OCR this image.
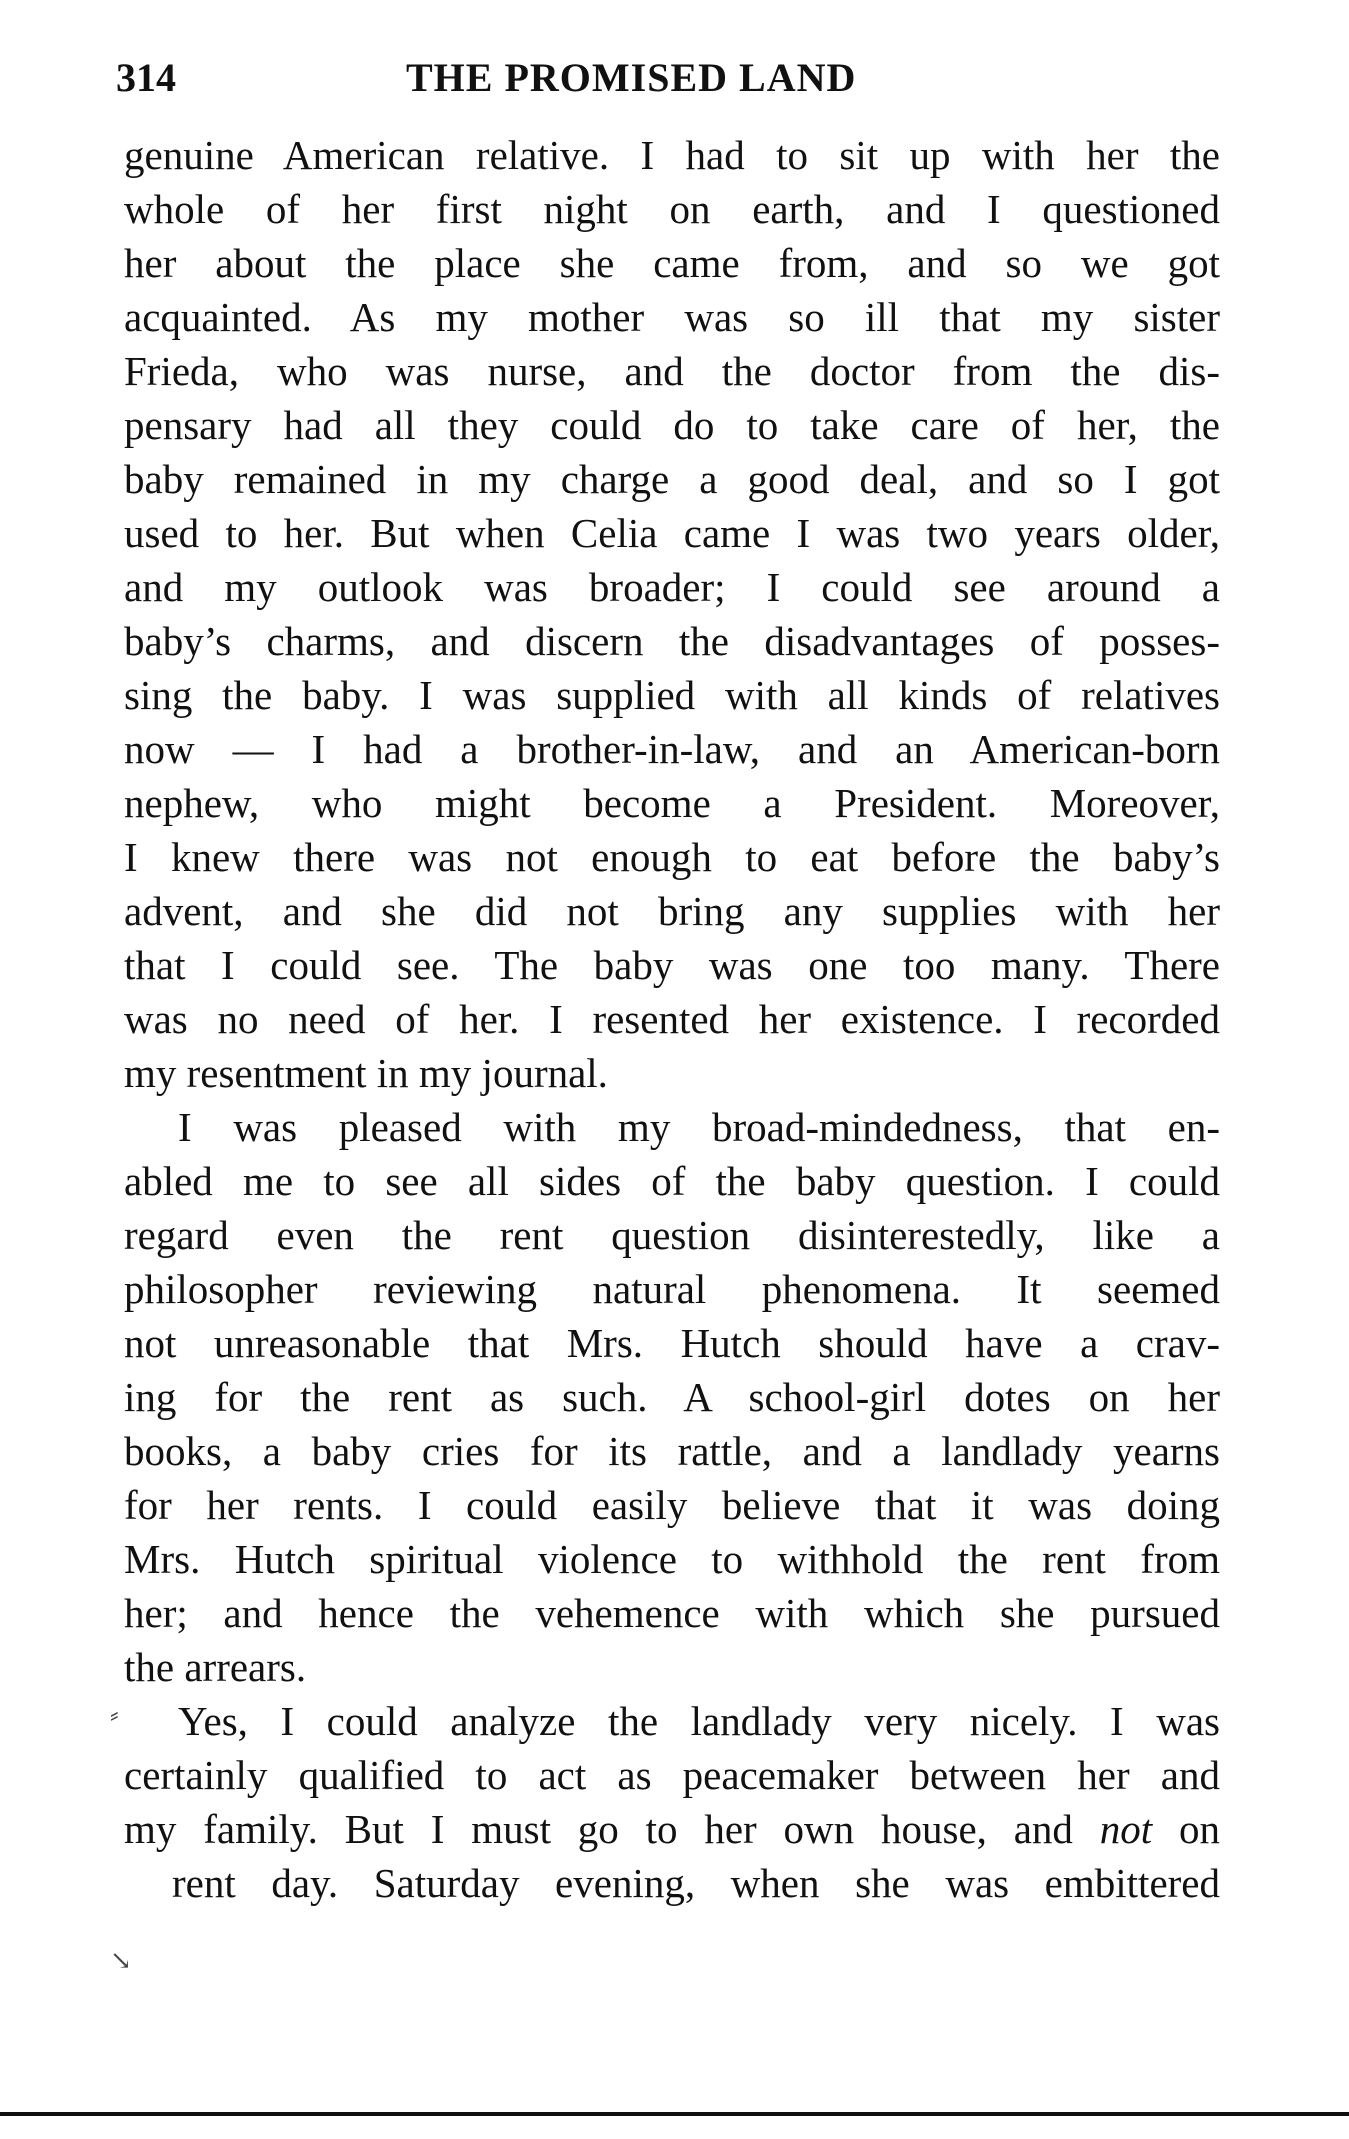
314	THE PROMISED LAND
⸗
↘
genuine American relative. I had to sit up with her the
whole of her first night on earth, and I questioned
her about the place she came from, and so we got
acquainted. As my mother was so ill that my sister
Frieda, who was nurse, and the doctor from the dis-
pensary had all they could do to take care of her, the
baby remained in my charge a good deal, and so I got
used to her. But when Celia came I was two years older,
and my outlook was broader; I could see around a
baby’s charms, and discern the disadvantages of posses-
sing the baby. I was supplied with all kinds of relatives
now — I had a brother-in-law, and an American-born
nephew, who might become a President. Moreover,
I knew there was not enough to eat before the baby’s
advent, and she did not bring any supplies with her
that I could see. The baby was one too many. There
was no need of her. I resented her existence. I recorded
my resentment in my journal.
I was pleased with my broad-mindedness, that en-
abled me to see all sides of the baby question. I could
regard even the rent question disinterestedly, like a
philosopher reviewing natural phenomena. It seemed
not unreasonable that Mrs. Hutch should have a crav-
ing for the rent as such. A school-girl dotes on her
books, a baby cries for its rattle, and a landlady yearns
for her rents. I could easily believe that it was doing
Mrs. Hutch spiritual violence to withhold the rent from
her; and hence the vehemence with which she pursued
the arrears.
Yes, I could analyze the landlady very nicely. I was
certainly qualified to act as peacemaker between her and
my family. But I must go to her own house, and not on
rent day. Saturday evening, when she was embittered
